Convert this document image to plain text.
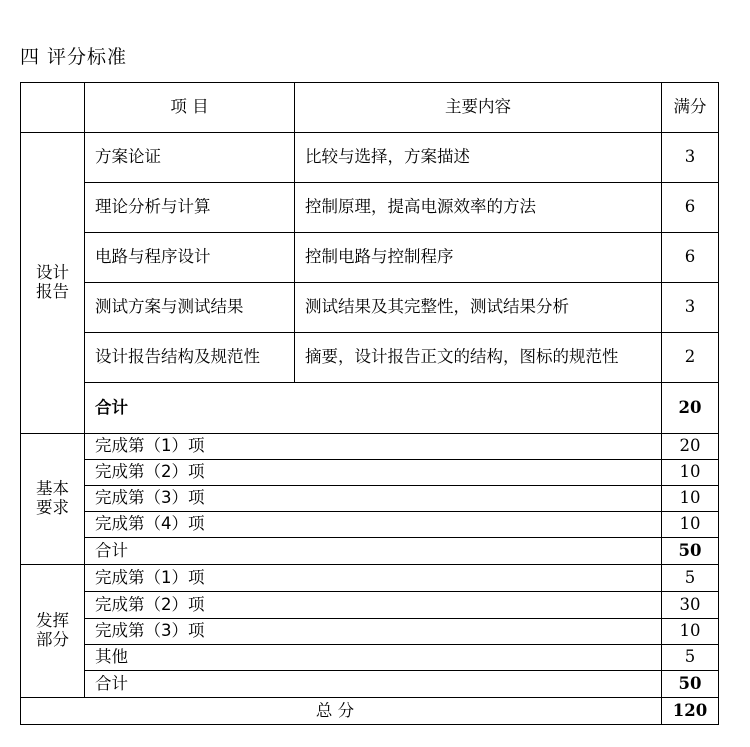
四 评分标准
	项 目	主要内容	满分
设计报告	方案论证	比较与选择，方案描述	3
	理论分析与计算	控制原理，提高电源效率的方法	6
	电路与程序设计	控制电路与控制程序	6
	测试方案与测试结果	测试结果及其完整性，测试结果分析	3
	设计报告结构及规范性	摘要，设计报告正文的结构，图标的规范性	2
	合计		20
基本要求	完成第（1）项		20
	完成第（2）项		10
	完成第（3）项		10
	完成第（4）项		10
	合计		50
发挥部分	完成第（1）项		5
	完成第（2）项		30
	完成第（3）项		10
	其他		5
	合计		50
总 分			120
